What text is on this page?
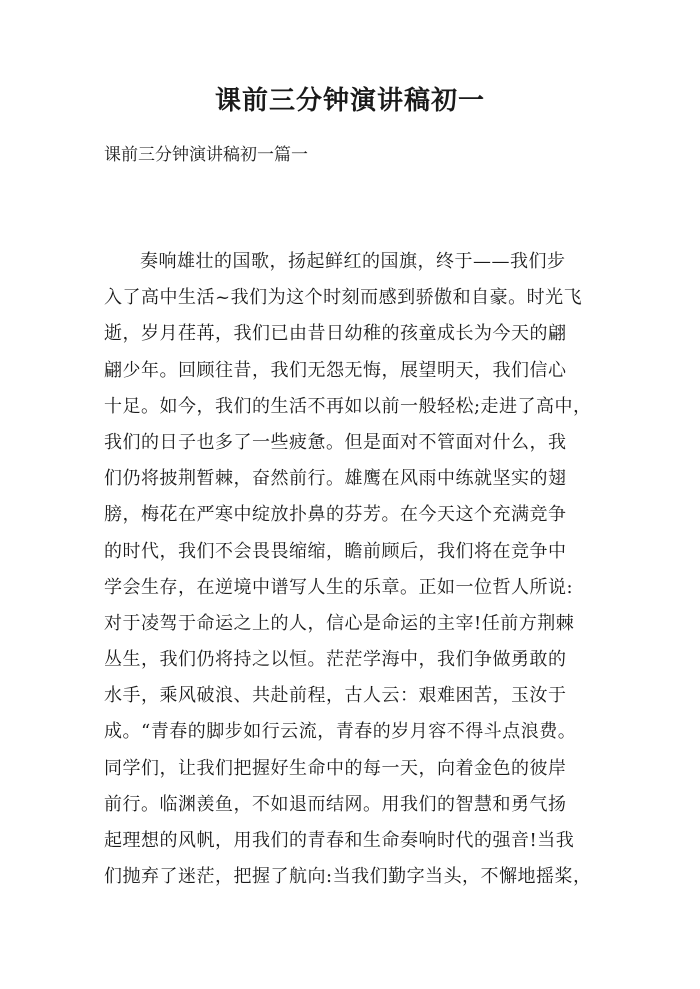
课前三分钟演讲稿初一

课前三分钟演讲稿初一篇一

奏响雄壮的国歌，扬起鲜红的国旗，终于——我们步
入了高中生活~我们为这个时刻而感到骄傲和自豪。时光飞
逝，岁月荏苒，我们已由昔日幼稚的孩童成长为今天的翩
翩少年。回顾往昔，我们无怨无悔，展望明天，我们信心
十足。如今，我们的生活不再如以前一般轻松;走进了高中，
我们的日子也多了一些疲惫。但是面对不管面对什么，我
们仍将披荆暂棘，奋然前行。雄鹰在风雨中练就坚实的翅
膀，梅花在严寒中绽放扑鼻的芬芳。在今天这个充满竞争
的时代，我们不会畏畏缩缩，瞻前顾后，我们将在竞争中
学会生存，在逆境中谱写人生的乐章。正如一位哲人所说:
对于凌驾于命运之上的人，信心是命运的主宰!任前方荆棘
丛生，我们仍将持之以恒。茫茫学海中，我们争做勇敢的
水手，乘风破浪、共赴前程，古人云：艰难困苦，玉汝于
成。“青春的脚步如行云流，青春的岁月容不得斗点浪费。
同学们，让我们把握好生命中的每一天，向着金色的彼岸
前行。临渊羡鱼，不如退而结网。用我们的智慧和勇气扬
起理想的风帆，用我们的青春和生命奏响时代的强音!当我
们抛弃了迷茫，把握了航向:当我们勤字当头，不懈地摇桨，
